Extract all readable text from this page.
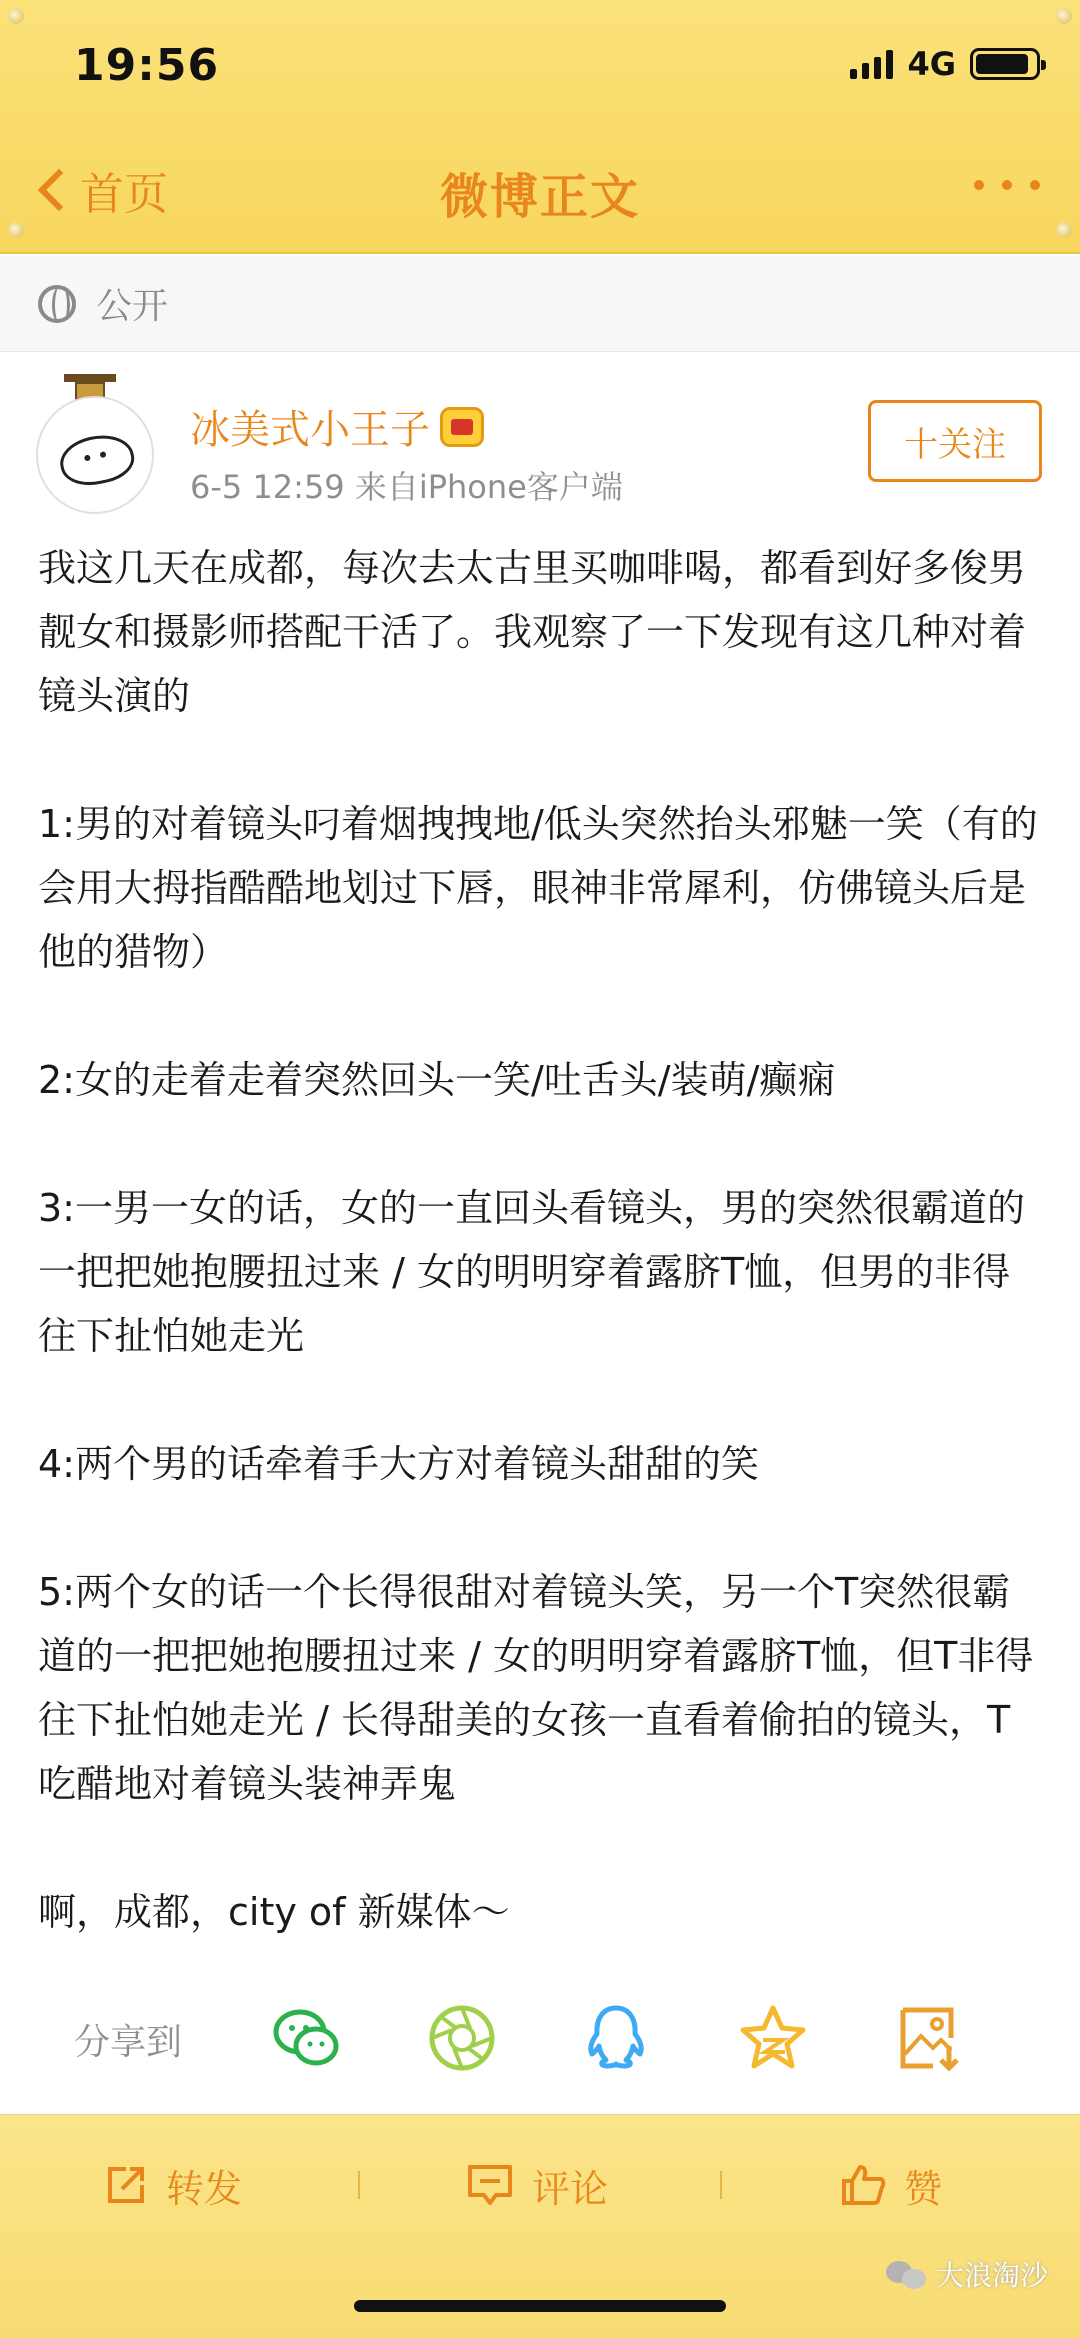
19:56	4G
首页	微博正文
公开
冰美式小王子
6-5 12:59 来自iPhone客户端
十关注

我这几天在成都，每次去太古里买咖啡喝，都看到好多俊男靓女和摄影师搭配干活了。我观察了一下发现有这几种对着镜头演的

1:男的对着镜头叼着烟拽拽地/低头突然抬头邪魅一笑（有的会用大拇指酷酷地划过下唇，眼神非常犀利，仿佛镜头后是他的猎物）

2:女的走着走着突然回头一笑/吐舌头/装萌/癫痫

3:一男一女的话，女的一直回头看镜头，男的突然很霸道的一把把她抱腰扭过来 / 女的明明穿着露脐T恤，但男的非得往下扯怕她走光

4:两个男的话牵着手大方对着镜头甜甜的笑

5:两个女的话一个长得很甜对着镜头笑，另一个T突然很霸道的一把把她抱腰扭过来 / 女的明明穿着露脐T恤，但T非得往下扯怕她走光 / 长得甜美的女孩一直看着偷拍的镜头，T吃醋地对着镜头装神弄鬼

啊，成都，city of 新媒体～

分享到
转发	评论	赞
大浪淘沙
